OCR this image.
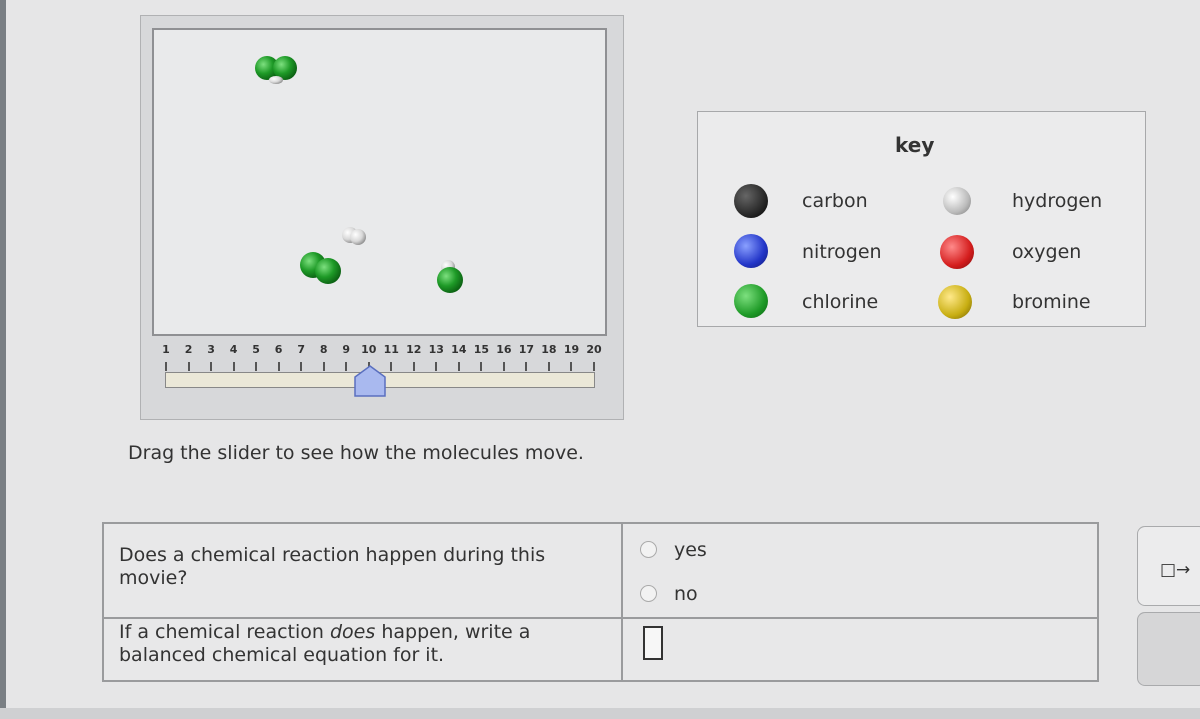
1 2 3 4 5 6 7 8 9 10 11 12 13 14 15 16 17 18 19 20
Drag the slider to see how the molecules move.
key
carbon	hydrogen
nitrogen	oxygen
chlorine	bromine
Does a chemical reaction happen during this
movie?
yes
no
If a chemical reaction does happen, write a
balanced chemical equation for it.
□→
